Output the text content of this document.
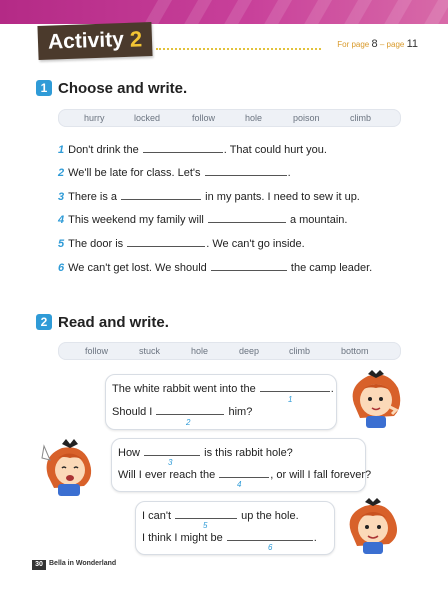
Activity 2	For page 8 – page 11
1 Choose and write.
hurry	locked	follow	hole	poison	climb
1 Don't drink the	. That could hurt you.
2 We'll be late for class. Let's	.
3 There is a	in my pants. I need to sew it up.
4 This weekend my family will	a mountain.
5 The door is	. We can't go inside.
6 We can't get lost. We should	the camp leader.
2 Read and write.
follow	stuck	hole	deep	climb	bottom
The white rabbit went into the	.
1
Should I	him?
2
How	is this rabbit hole?
3
Will I ever reach the	, or will I fall forever?
4
I can't	up the hole.
5
I think I might be	.
6
30 Bella in Wonderland
